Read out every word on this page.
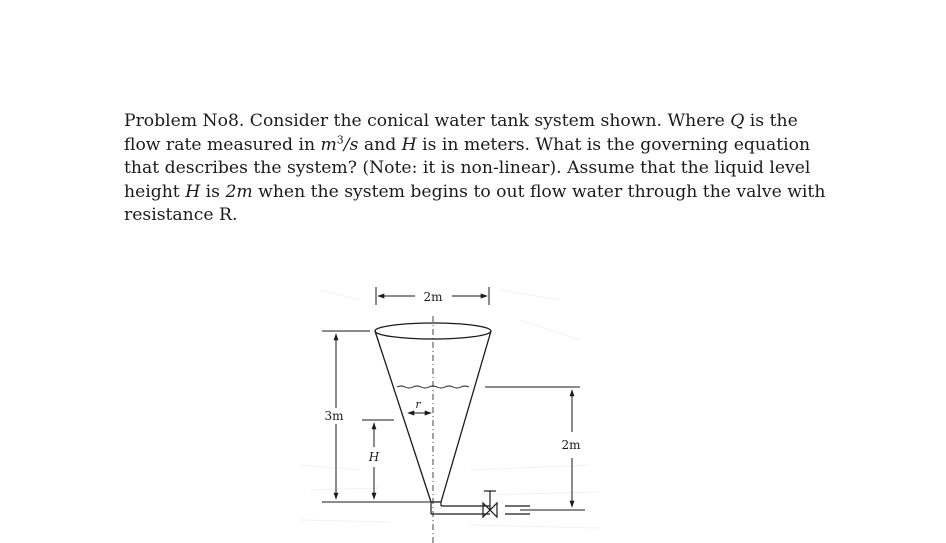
Problem No8. Consider the conical water tank system shown. Where Q is the
flow rate measured in $m^3/s$ and H is in meters. What is the governing equation
that describes the system? (Note: it is non-linear). Assume that the liquid level
height H is 2m when the system begins to out flow water through the valve with
resistance R.

2m
r
3m
H
2m
